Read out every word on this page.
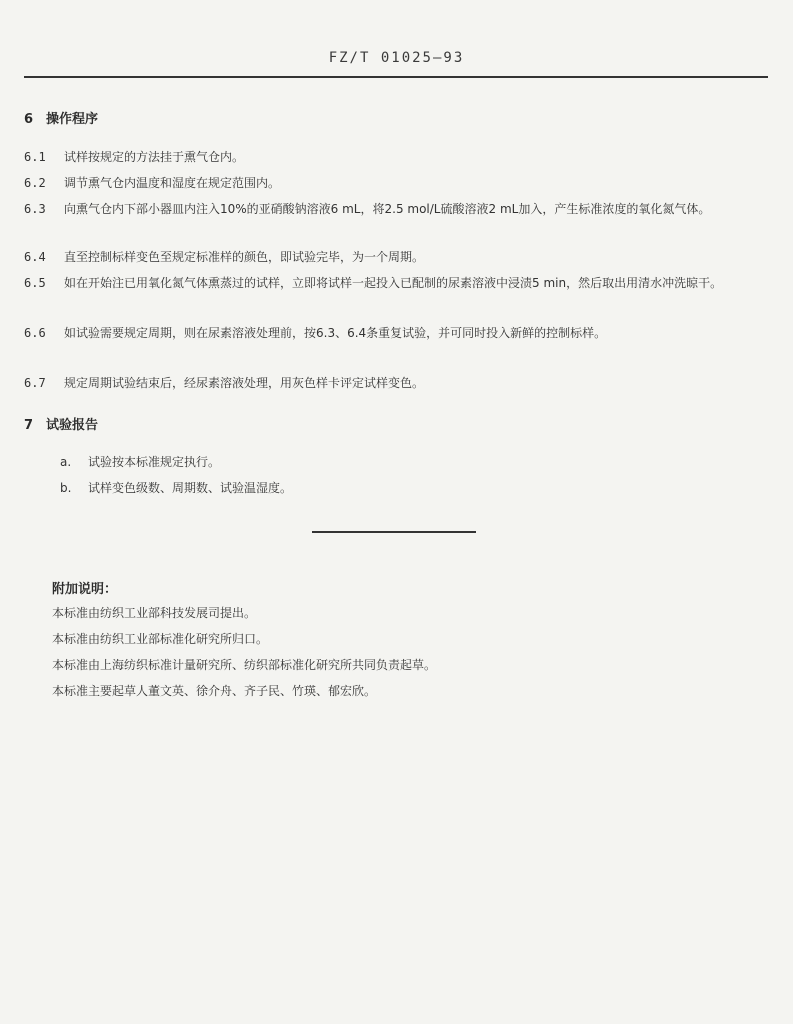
FZ/T 01025—93
6 操作程序
6.1 试样按规定的方法挂于熏气仓内。
6.2 调节熏气仓内温度和湿度在规定范围内。
6.3 向熏气仓内下部小器皿内注入10%的亚硝酸钠溶液6 mL，将2.5 mol/L硫酸溶液2 mL加入，产生标准浓度的氧化氮气体。
6.4 直至控制标样变色至规定标准样的颜色，即试验完毕，为一个周期。
6.5 如在开始注已用氧化氮气体熏蒸过的试样，立即将试样一起投入已配制的尿素溶液中浸渍5 min，然后取出用清水冲洗晾干。
6.6 如试验需要规定周期，则在尿素溶液处理前，按6.3、6.4条重复试验，并可同时投入新鲜的控制标样。
6.7 规定周期试验结束后，经尿素溶液处理，用灰色样卡评定试样变色。
7 试验报告
a. 试验按本标准规定执行。
b. 试样变色级数、周期数、试验温湿度。
附加说明：
本标准由纺织工业部科技发展司提出。
本标准由纺织工业部标准化研究所归口。
本标准由上海纺织标准计量研究所、纺织部标准化研究所共同负责起草。
本标准主要起草人董文英、徐介舟、齐子民、竹瑛、郁宏欣。
